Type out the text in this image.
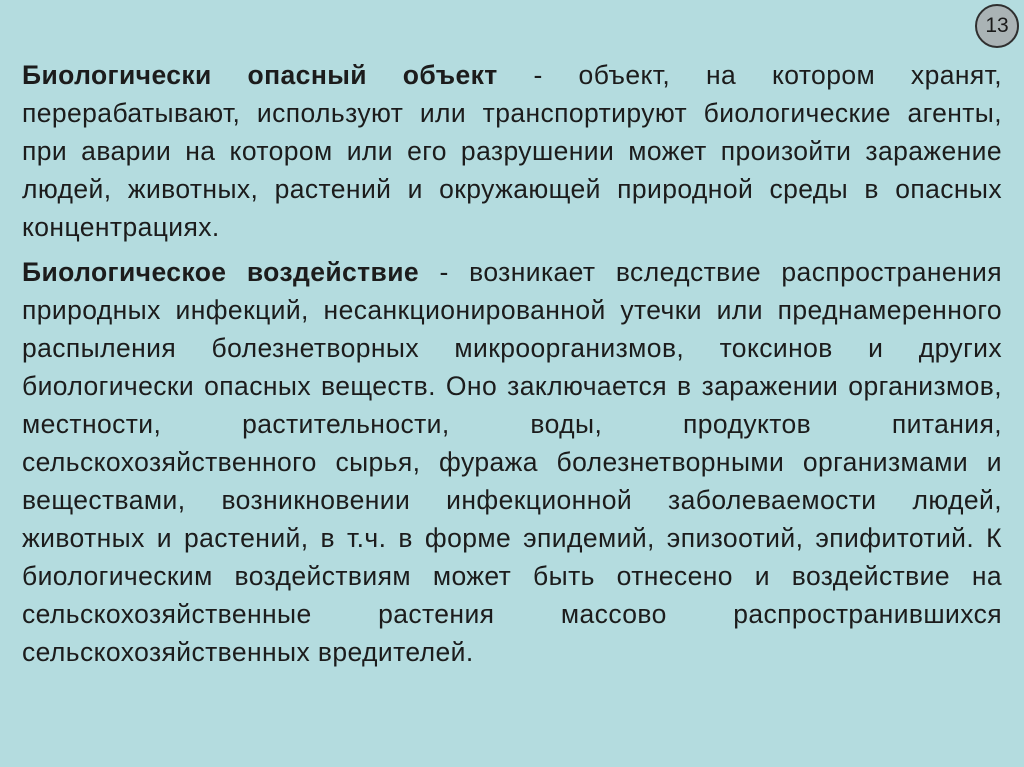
13

Биологически опасный объект - объект, на котором хранят, перерабатывают, используют или транспортируют биологические агенты, при аварии на котором или его разрушении может произойти заражение людей, животных, растений и окружающей природной среды в опасных концентрациях.

Биологическое воздействие - возникает вследствие распространения природных инфекций, несанкционированной утечки или преднамеренного распыления болезнетворных микроорганизмов, токсинов и других биологически опасных веществ. Оно заключается в заражении организмов, местности, растительности, воды, продуктов питания, сельскохозяйственного сырья, фуража болезнетворными организмами и веществами, возникновении инфекционной заболеваемости людей, животных и растений, в т.ч. в форме эпидемий, эпизоотий, эпифитотий. К биологическим воздействиям может быть отнесено и воздействие на сельскохозяйственные растения массово распространившихся сельскохозяйственных вредителей.
